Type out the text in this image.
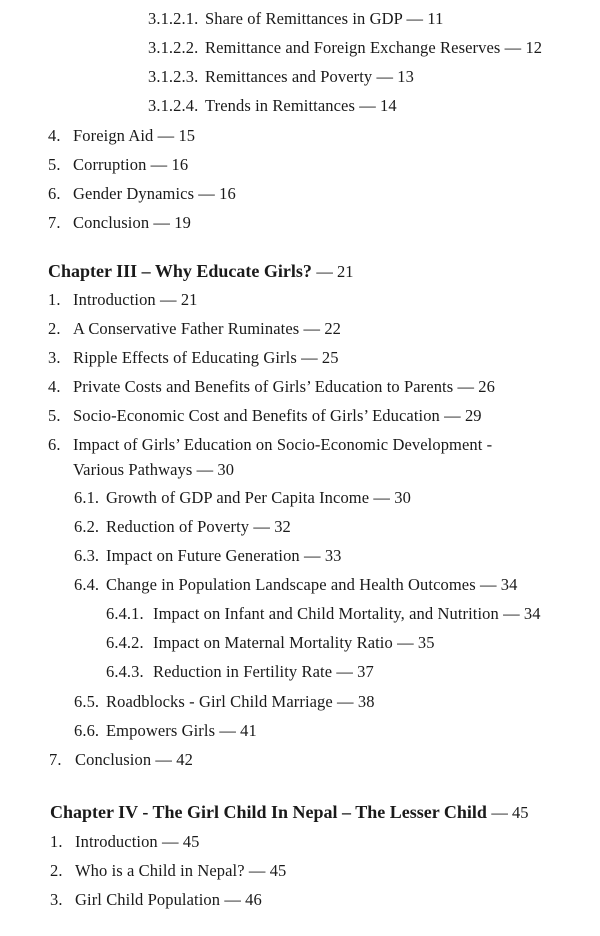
3.1.2.1. Share of Remittances in GDP — 11
3.1.2.2. Remittance and Foreign Exchange Reserves — 12
3.1.2.3. Remittances and Poverty — 13
3.1.2.4. Trends in Remittances — 14
4. Foreign Aid — 15
5. Corruption — 16
6. Gender Dynamics — 16
7. Conclusion — 19
Chapter III – Why Educate Girls? — 21
1. Introduction — 21
2. A Conservative Father Ruminates — 22
3. Ripple Effects of Educating Girls — 25
4. Private Costs and Benefits of Girls’ Education to Parents — 26
5. Socio-Economic Cost and Benefits of Girls’ Education — 29
6. Impact of Girls’ Education on Socio-Economic Development -
Various Pathways — 30
6.1. Growth of GDP and Per Capita Income — 30
6.2. Reduction of Poverty — 32
6.3. Impact on Future Generation — 33
6.4. Change in Population Landscape and Health Outcomes — 34
6.4.1. Impact on Infant and Child Mortality, and Nutrition — 34
6.4.2. Impact on Maternal Mortality Ratio — 35
6.4.3. Reduction in Fertility Rate — 37
6.5. Roadblocks - Girl Child Marriage — 38
6.6. Empowers Girls — 41
7. Conclusion — 42
Chapter IV - The Girl Child In Nepal – The Lesser Child — 45
1. Introduction — 45
2. Who is a Child in Nepal? — 45
3. Girl Child Population — 46
